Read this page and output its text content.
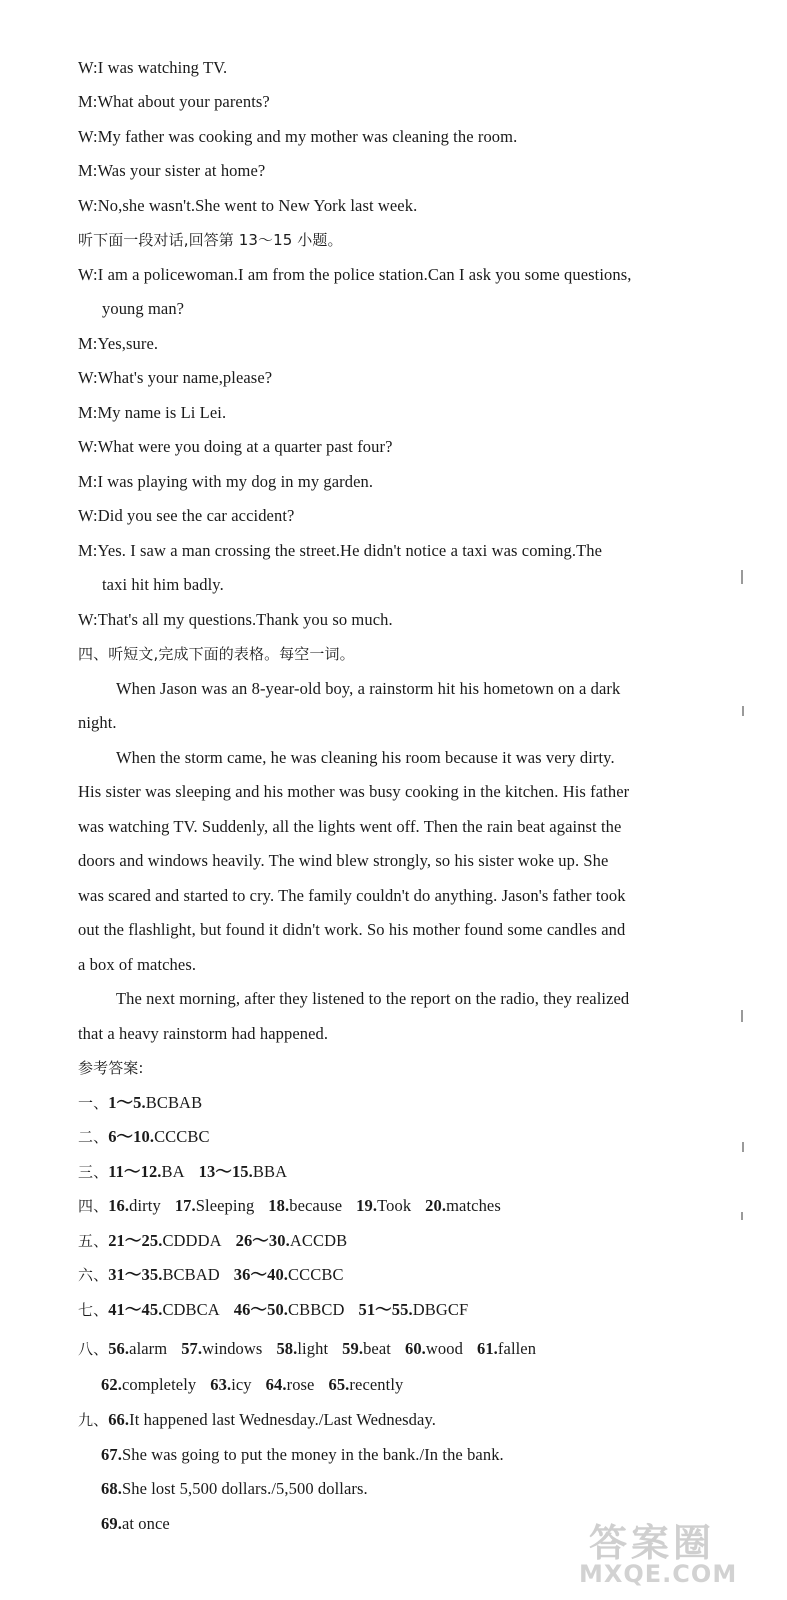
W:I was watching TV.
M:What about your parents?
W:My father was cooking and my mother was cleaning the room.
M:Was your sister at home?
W:No,she wasn't.She went to New York last week.
听下面一段对话,回答第 13～15 小题。
W:I am a policewoman.I am from the police station.Can I ask you some questions,
young man?
M:Yes,sure.
W:What's your name,please?
M:My name is Li Lei.
W:What were you doing at a quarter past four?
M:I was playing with my dog in my garden.
W:Did you see the car accident?
M:Yes. I saw a man crossing the street.He didn't notice a taxi was coming.The
taxi hit him badly.
W:That's all my questions.Thank you so much.
四、听短文,完成下面的表格。每空一词。
When Jason was an 8-year-old boy, a rainstorm hit his hometown on a dark
night.
When the storm came, he was cleaning his room because it was very dirty.
His sister was sleeping and his mother was busy cooking in the kitchen. His father
was watching TV. Suddenly, all the lights went off. Then the rain beat against the
doors and windows heavily. The wind blew strongly, so his sister woke up. She
was scared and started to cry. The family couldn't do anything. Jason's father took
out the flashlight, but found it didn't work. So his mother found some candles and
a box of matches.
The next morning, after they listened to the report on the radio, they realized
that a heavy rainstorm had happened.
参考答案:
一、1～5.BCBAB
二、6～10.CCCBC
三、11～12.BA 13～15.BBA
四、16.dirty 17.Sleeping 18.because 19.Took 20.matches
五、21～25.CDDDA 26～30.ACCDB
六、31～35.BCBAD 36～40.CCCBC
七、41～45.CDBCA 46～50.CBBCD 51～55.DBGCF
八、56.alarm 57.windows 58.light 59.beat 60.wood 61.fallen
62.completely 63.icy 64.rose 65.recently
九、66.It happened last Wednesday./Last Wednesday.
67.She was going to put the money in the bank./In the bank.
68.She lost 5,500 dollars./5,500 dollars.
69.at once	答案圈
MXQE.COM
